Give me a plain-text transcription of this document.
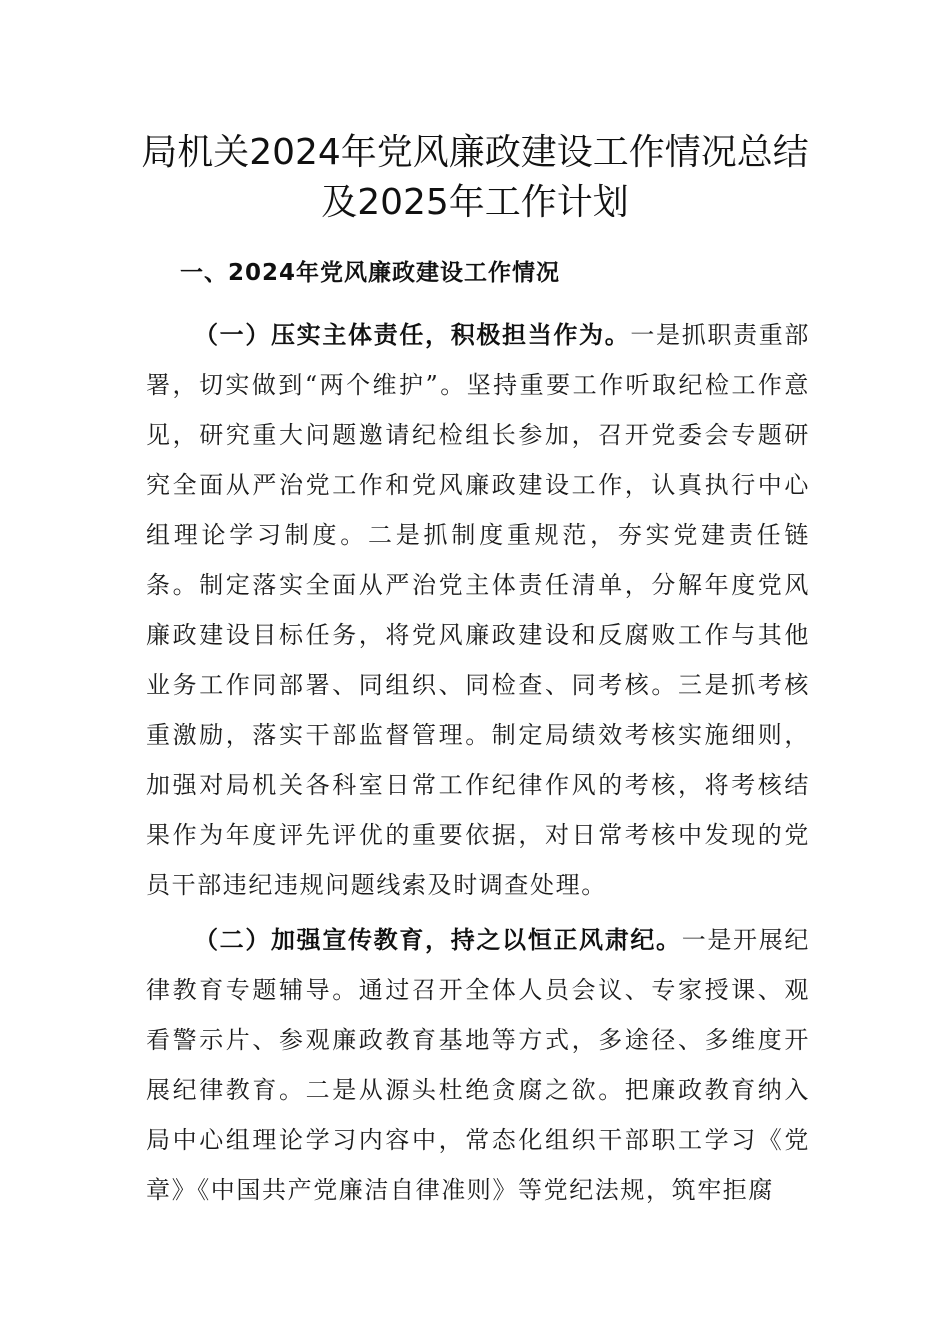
局机关2024年党风廉政建设工作情况总结
及2025年工作计划
一、2024年党风廉政建设工作情况

（一）压实主体责任，积极担当作为。一是抓职责重部署，切实做到“两个维护”。坚持重要工作听取纪检工作意见，研究重大问题邀请纪检组长参加，召开党委会专题研究全面从严治党工作和党风廉政建设工作，认真执行中心组理论学习制度。二是抓制度重规范，夯实党建责任链条。制定落实全面从严治党主体责任清单，分解年度党风廉政建设目标任务，将党风廉政建设和反腐败工作与其他业务工作同部署、同组织、同检查、同考核。三是抓考核重激励，落实干部监督管理。制定局绩效考核实施细则，加强对局机关各科室日常工作纪律作风的考核，将考核结果作为年度评先评优的重要依据，对日常考核中发现的党员干部违纪违规问题线索及时调查处理。

（二）加强宣传教育，持之以恒正风肃纪。一是开展纪律教育专题辅导。通过召开全体人员会议、专家授课、观看警示片、参观廉政教育基地等方式，多途径、多维度开展纪律教育。二是从源头杜绝贪腐之欲。把廉政教育纳入局中心组理论学习内容中，常态化组织干部职工学习《党章》《中国共产党廉洁自律准则》等党纪法规，筑牢拒腐
